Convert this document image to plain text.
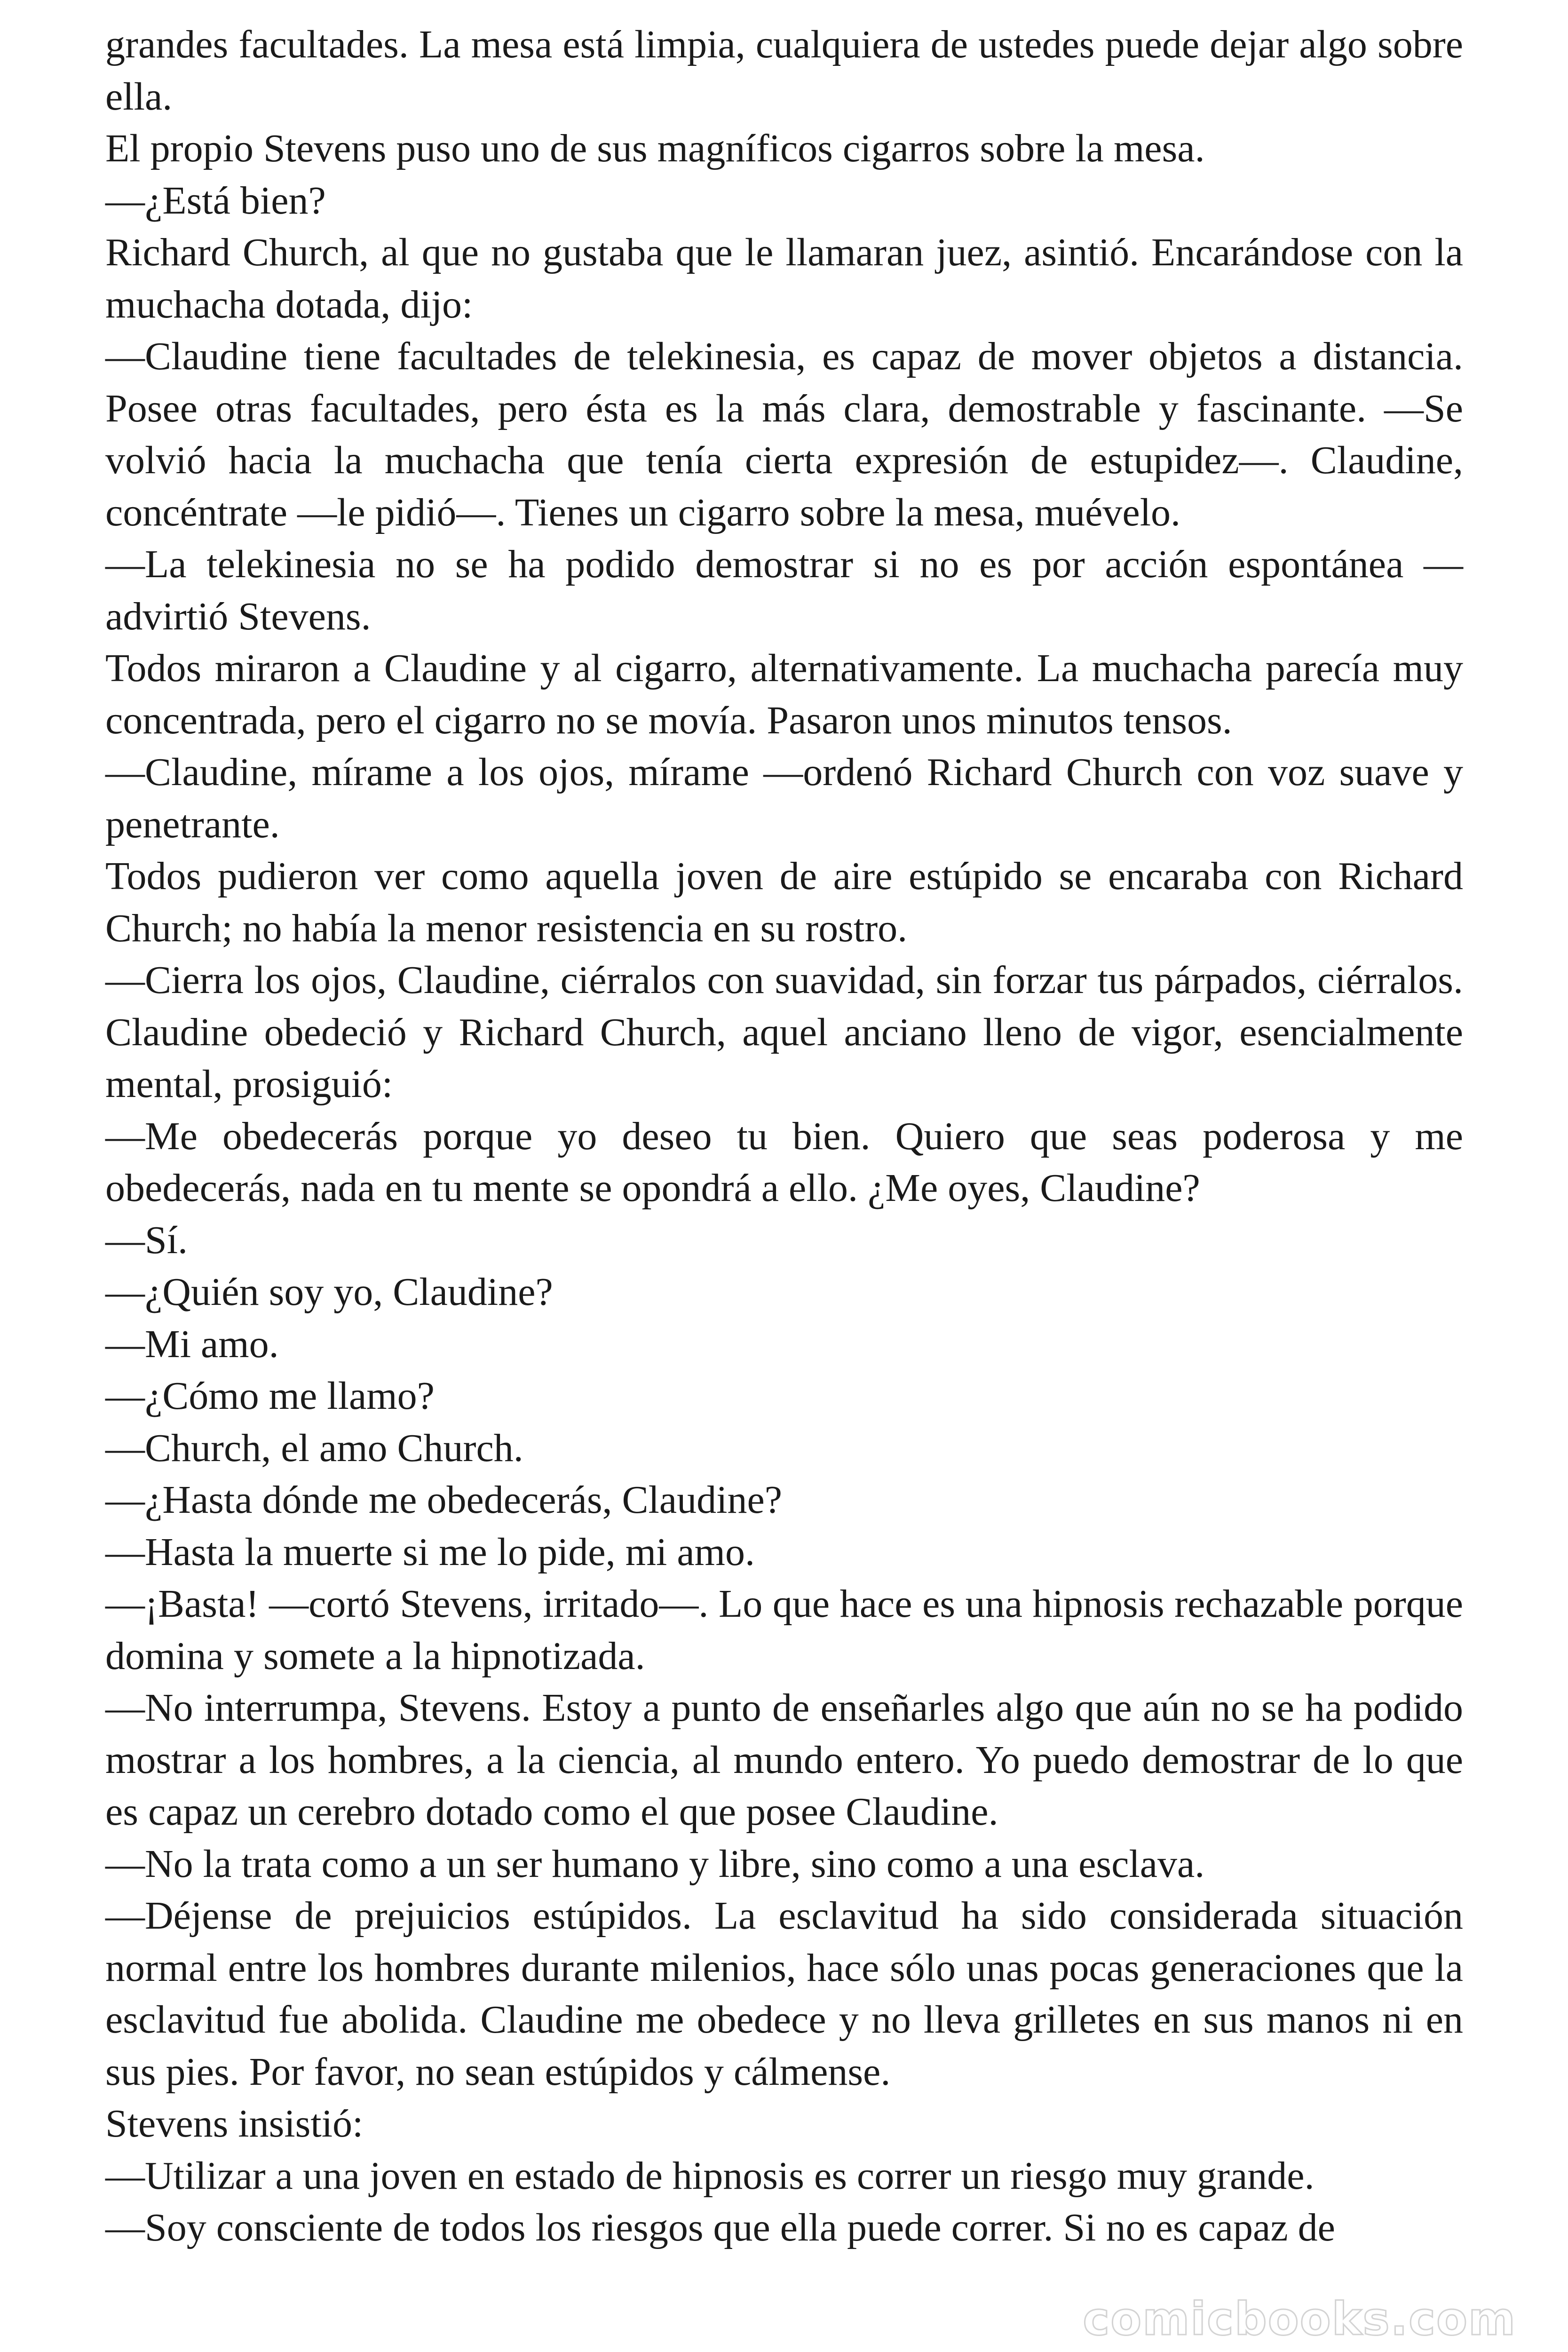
grandes facultades. La mesa está limpia, cualquiera de ustedes puede dejar algo sobre ella.

El propio Stevens puso uno de sus magníficos cigarros sobre la mesa.

—¿Está bien?

Richard Church, al que no gustaba que le llamaran juez, asintió. Encarándose con la muchacha dotada, dijo:

—Claudine tiene facultades de telekinesia, es capaz de mover objetos a distancia. Posee otras facultades, pero ésta es la más clara, demostrable y fascinante. —Se volvió hacia la muchacha que tenía cierta expresión de estupidez—. Claudine, concéntrate —le pidió—. Tienes un cigarro sobre la mesa, muévelo.

—La telekinesia no se ha podido demostrar si no es por acción espontánea — advirtió Stevens.

Todos miraron a Claudine y al cigarro, alternativamente. La muchacha parecía muy concentrada, pero el cigarro no se movía. Pasaron unos minutos tensos.

—Claudine, mírame a los ojos, mírame —ordenó Richard Church con voz suave y penetrante.

Todos pudieron ver como aquella joven de aire estúpido se encaraba con Richard Church; no había la menor resistencia en su rostro.

—Cierra los ojos, Claudine, ciérralos con suavidad, sin forzar tus párpados, ciérralos. Claudine obedeció y Richard Church, aquel anciano lleno de vigor, esencialmente mental, prosiguió:

—Me obedecerás porque yo deseo tu bien. Quiero que seas poderosa y me obedecerás, nada en tu mente se opondrá a ello. ¿Me oyes, Claudine?

—Sí.

—¿Quién soy yo, Claudine?

—Mi amo.

—¿Cómo me llamo?

—Church, el amo Church.

—¿Hasta dónde me obedecerás, Claudine?

—Hasta la muerte si me lo pide, mi amo.

—¡Basta! —cortó Stevens, irritado—. Lo que hace es una hipnosis rechazable porque domina y somete a la hipnotizada.

—No interrumpa, Stevens. Estoy a punto de enseñarles algo que aún no se ha podido mostrar a los hombres, a la ciencia, al mundo entero. Yo puedo demostrar de lo que es capaz un cerebro dotado como el que posee Claudine.

—No la trata como a un ser humano y libre, sino como a una esclava.

—Déjense de prejuicios estúpidos. La esclavitud ha sido considerada situación normal entre los hombres durante milenios, hace sólo unas pocas generaciones que la esclavitud fue abolida. Claudine me obedece y no lleva grilletes en sus manos ni en sus pies. Por favor, no sean estúpidos y cálmense.

Stevens insistió:

—Utilizar a una joven en estado de hipnosis es correr un riesgo muy grande.

—Soy consciente de todos los riesgos que ella puede correr. Si no es capaz de

comicbooks.com
